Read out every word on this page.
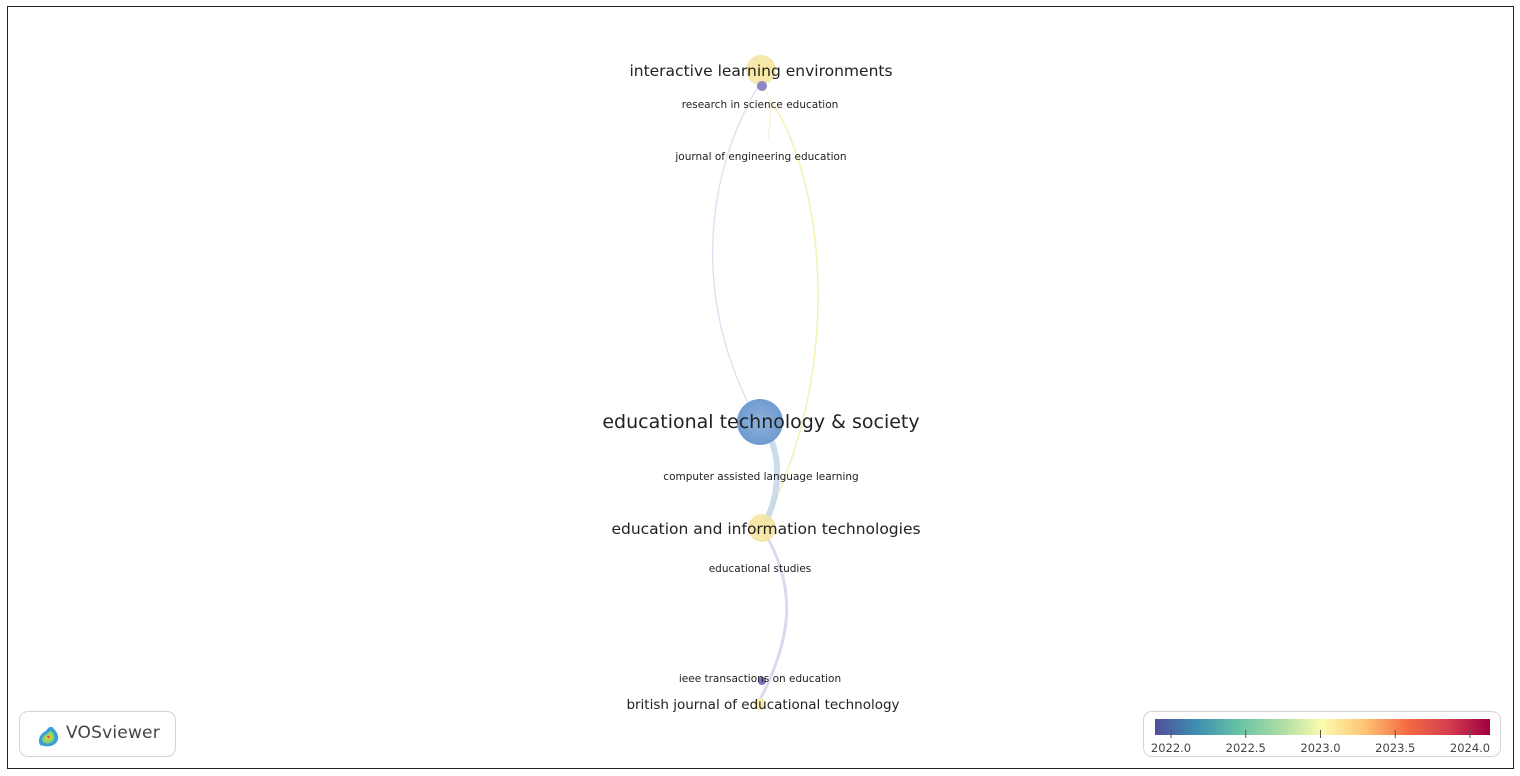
interactive learning environments
research in science education
journal of engineering education
educational technology & society
computer assisted language learning
education and information technologies
educational studies
ieee transactions on education
british journal of educational technology
VOSviewer
2022.0	2022.5	2023.0	2023.5	2024.0
